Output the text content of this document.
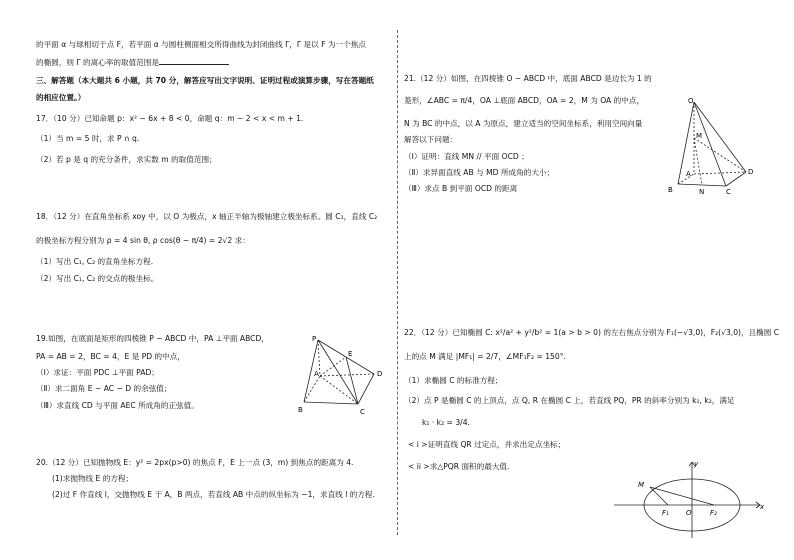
的平面 α 与球相切于点 F，若平面 α 与圆柱侧面相交所得曲线为封闭曲线 Γ，Γ 是以 F 为一个焦点
的椭圆，则 Γ 的离心率的取值范围是
三、解答题（本大题共 6 小题，共 70 分，解答应写出文字说明、证明过程或演算步骤，写在答题纸
的相应位置。）
17．（10 分）已知命题 p：x² − 6x + 8 < 0，命题 q：m − 2 < x < m + 1.
（1）当 m = 5 时，求 P ∩ q.
（2）若 p 是 q 的充分条件，求实数 m 的取值范围；
18．（12 分）在直角坐标系 xoy 中，以 O 为极点，x 轴正半轴为极轴建立极坐标系。圆 C₁，直线 C₂
的极坐标方程分别为 ρ = 4 sin θ, ρ cos(θ − π/4) = 2√2 求：
（1）写出 C₁, C₂ 的直角坐标方程.
（2）写出 C₁, C₂ 的交点的极坐标。
19.如图，在底面是矩形的四棱锥 P − ABCD 中，PA ⊥平面 ABCD，
PA = AB = 2，BC = 4，E 是 PD 的中点，
（Ⅰ）求证：平面 PDC ⊥平面 PAD；
（Ⅱ）求二面角 E − AC − D 的余弦值；
（Ⅲ）求直线 CD 与平面 AEC 所成角的正弦值。
P
E
A	D
B	C
20.（12 分）已知抛物线 E：y² = 2px(p>0) 的焦点 F，E 上一点 (3，m) 到焦点的距离为 4.
(1)求抛物线 E 的方程；
(2)过 F 作直线 l，交抛物线 E 于 A，B 两点，若直线 AB 中点的纵坐标为 −1，求直线 l 的方程.
21.（12 分）如图，在四棱锥 O − ABCD 中，底面 ABCD 是边长为 1 的
菱形，∠ABC = π/4，OA ⊥底面 ABCD，OA = 2，M 为 OA 的中点，
N 为 BC 的中点，以 A 为原点，建立适当的空间坐标系，利用空间向量
解答以下问题：
（Ⅰ）证明：直线 MN // 平面 OCD ；
（Ⅱ）求异面直线 AB 与 MD 所成角的大小；
（Ⅲ）求点 B 到平面 OCD 的距离
O
M
A	D
B	N	C
22．（12 分）已知椭圆 C: x²/a² + y²/b² = 1(a > b > 0) 的左右焦点分别为 F₁(−√3,0)，F₂(√3,0)，且椭圆 C
上的点 M 满足 |MF₁| = 2/7，∠MF₁F₂ = 150°.
（1）求椭圆 C 的标准方程；
（2）点 P 是椭圆 C 的上顶点，点 Q, R 在椭圆 C 上，若直线 PQ，PR 的斜率分别为 k₁, k₂，满足
k₁ · k₂ = 3/4.
< i >证明直线 QR 过定点，并求出定点坐标；
< ii >求△PQR 面积的最大值.	y
x
M
F₁ O	F₂
